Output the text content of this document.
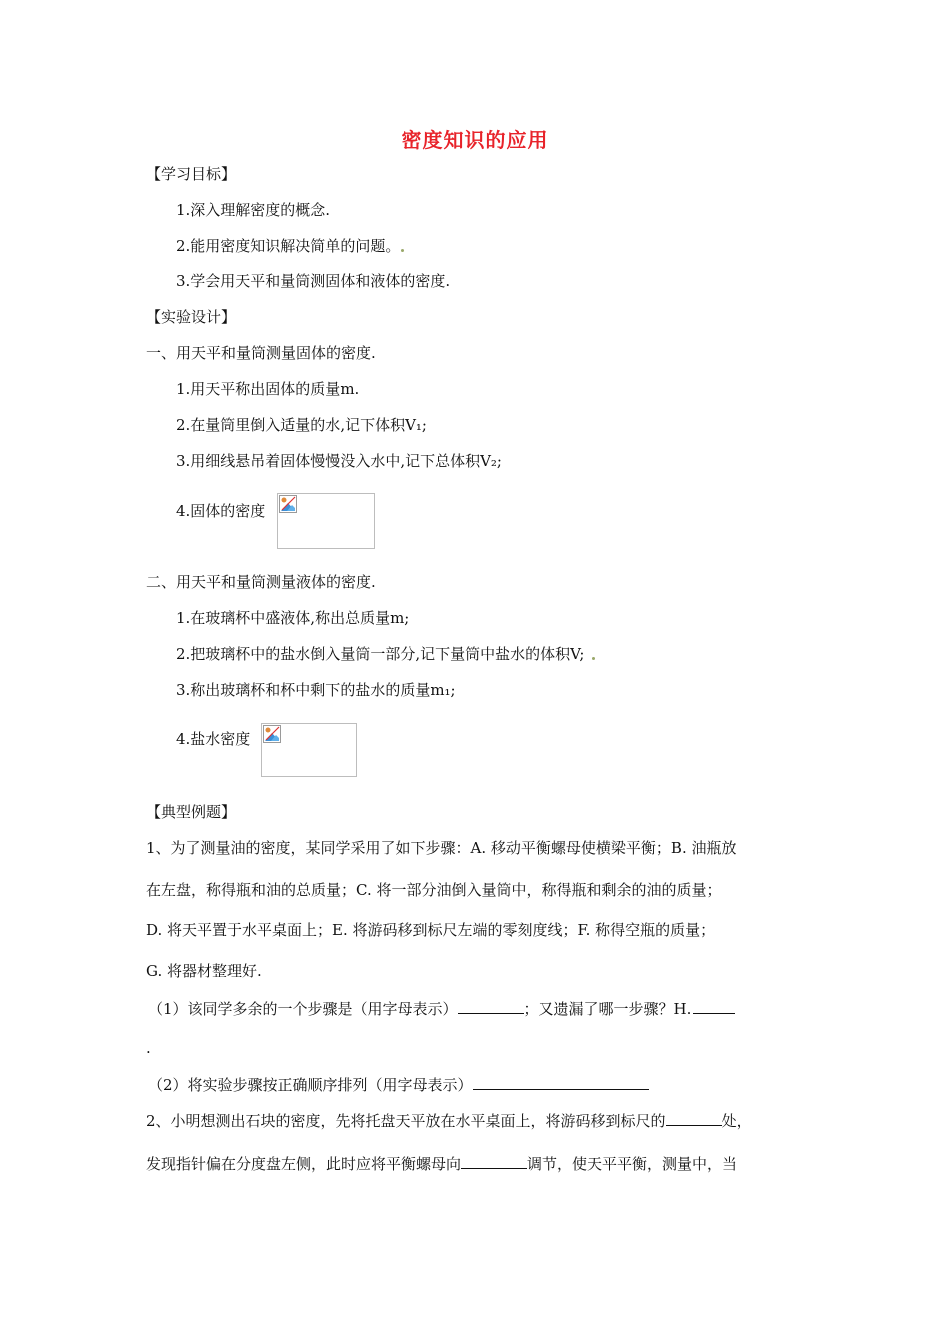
密度知识的应用
【学习目标】
1.深入理解密度的概念.
2.能用密度知识解决简单的问题。
3.学会用天平和量筒测固体和液体的密度.
【实验设计】
一、用天平和量筒测量固体的密度.
1.用天平称出固体的质量m.
2.在量筒里倒入适量的水,记下体积V₁;
3.用细线悬吊着固体慢慢没入水中,记下总体积V₂;
4.固体的密度
二、用天平和量筒测量液体的密度.
1.在玻璃杯中盛液体,称出总质量m;
2.把玻璃杯中的盐水倒入量筒一部分,记下量筒中盐水的体积V;
3.称出玻璃杯和杯中剩下的盐水的质量m₁;
4.盐水密度
【典型例题】
1、为了测量油的密度，某同学采用了如下步骤：A. 移动平衡螺母使横梁平衡；B. 油瓶放
在左盘，称得瓶和油的总质量；C. 将一部分油倒入量筒中，称得瓶和剩余的油的质量；
D. 将天平置于水平桌面上；E. 将游码移到标尺左端的零刻度线；F. 称得空瓶的质量；
G. 将器材整理好.
（1）该同学多余的一个步骤是（用字母表示）	；又遗漏了哪一步骤？H.
.
（2）将实验步骤按正确顺序排列（用字母表示）
2、小明想测出石块的密度，先将托盘天平放在水平桌面上，将游码移到标尺的	处，
发现指针偏在分度盘左侧，此时应将平衡螺母向	调节，使天平平衡，测量中，当
